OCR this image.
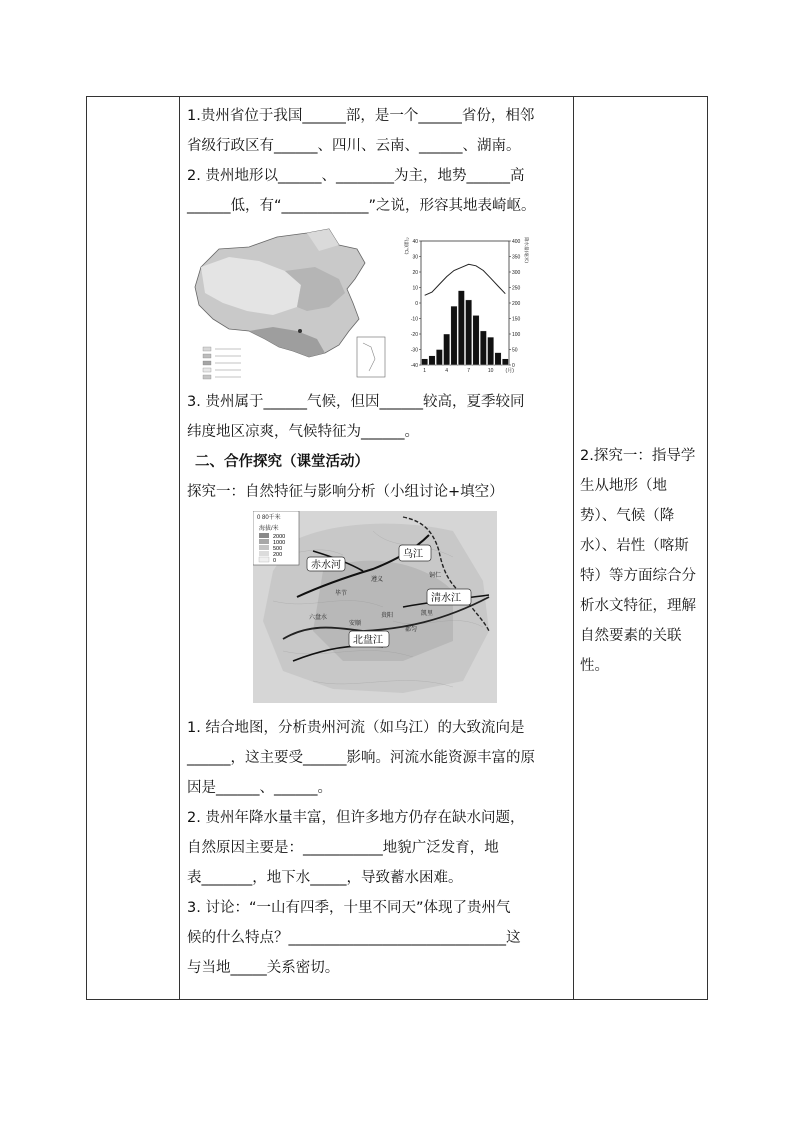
1.贵州省位于我国______部，是一个______省份，相邻
省级行政区有______、四川、云南、______、湖南。
2. 贵州地形以______、________为主，地势______高
______低，有“____________”之说，形容其地表崎岖。
40	400
30	350
20	300
10	250
0	200
-10	150
-20	100
-30	50
-40	0
1	4	7	10 (月)
气温(℃)	降水量(毫米)
3. 贵州属于______气候，但因______较高，夏季较同
纬度地区凉爽，气候特征为______。
二、合作探究（课堂活动）
探究一：自然特征与影响分析（小组讨论+填空）
0 80千米
海拔/米
2000
1000
500
200
0	赤水河
乌江
清水江
北盘江
遵义
毕节
铜仁
凯里
贵阳
六盘水
都匀
安顺
1. 结合地图，分析贵州河流（如乌江）的大致流向是
______，这主要受______影响。河流水能资源丰富的原
因是______、______。
2. 贵州年降水量丰富，但许多地方仍存在缺水问题，
自然原因主要是：___________地貌广泛发育，地
表_______，地下水_____，导致蓄水困难。
3. 讨论：“一山有四季，十里不同天”体现了贵州气
候的什么特点？______________________________这
与当地_____关系密切。
2.探究一：指导学
生从地形（地
势）、气候（降
水）、岩性（喀斯
特）等方面综合分
析水文特征，理解
自然要素的关联
性。
